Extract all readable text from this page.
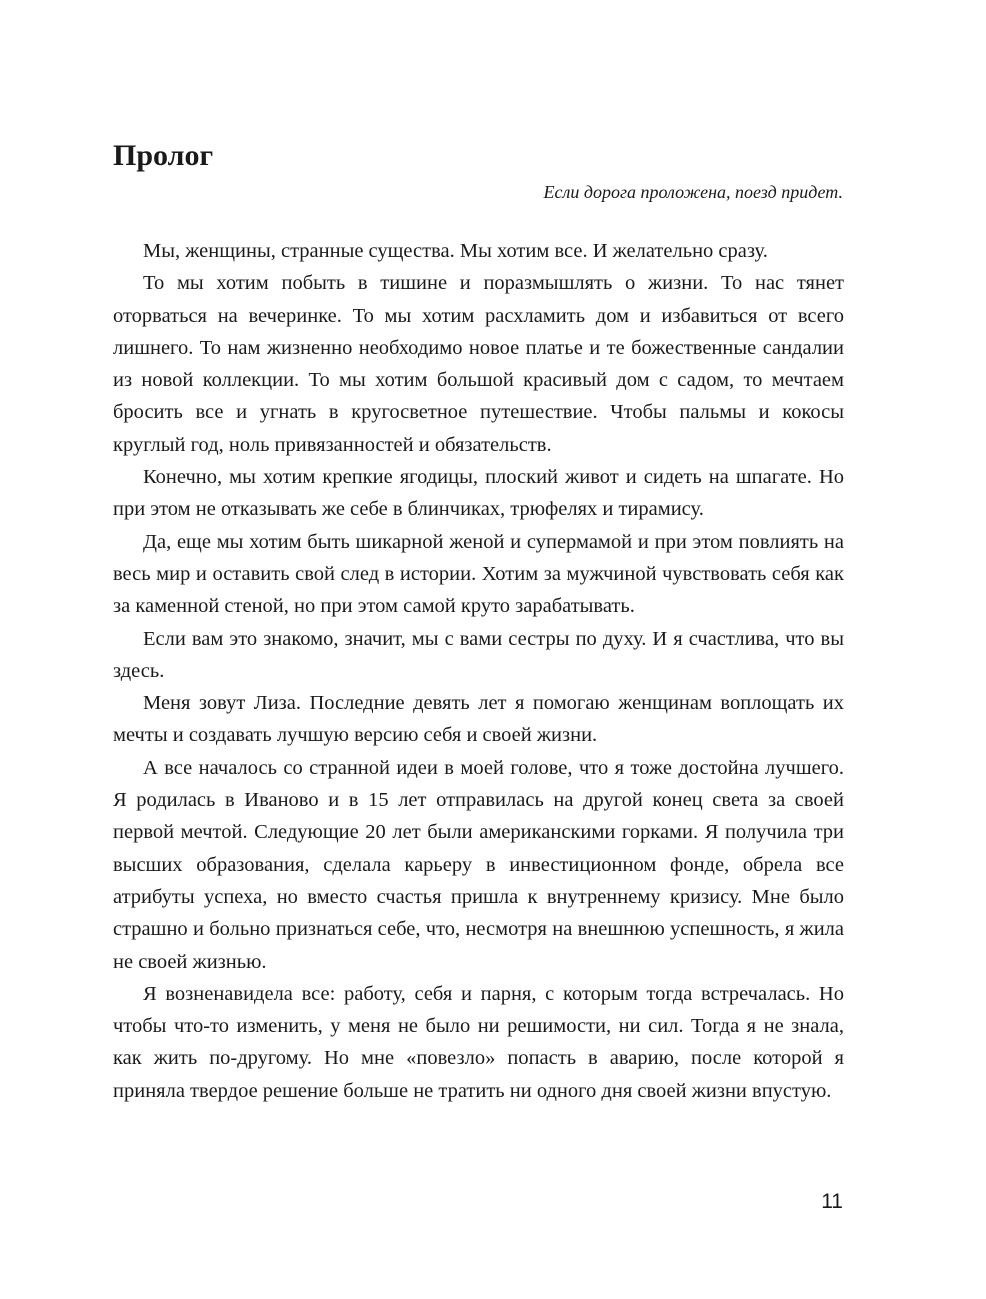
Пролог

Если дорога проложена, поезд придет.

Мы, женщины, странные существа. Мы хотим все. И желательно сразу.

То мы хотим побыть в тишине и поразмышлять о жизни. То нас тянет оторваться на вечеринке. То мы хотим расхламить дом и избавиться от всего лишнего. То нам жизненно необходимо новое платье и те божественные сандалии из новой коллекции. То мы хотим большой красивый дом с садом, то мечтаем бросить все и угнать в кругосветное путешествие. Чтобы пальмы и кокосы круглый год, ноль привязанностей и обязательств.

Конечно, мы хотим крепкие ягодицы, плоский живот и сидеть на шпагате. Но при этом не отказывать же себе в блинчиках, трюфелях и тирамису.

Да, еще мы хотим быть шикарной женой и супермамой и при этом повлиять на весь мир и оставить свой след в истории. Хотим за мужчиной чувствовать себя как за каменной стеной, но при этом самой круто зарабатывать.

Если вам это знакомо, значит, мы с вами сестры по духу. И я счастлива, что вы здесь.

Меня зовут Лиза. Последние девять лет я помогаю женщинам воплощать их мечты и создавать лучшую версию себя и своей жизни.

А все началось со странной идеи в моей голове, что я тоже достойна лучшего. Я родилась в Иваново и в 15 лет отправилась на другой конец света за своей первой мечтой. Следующие 20 лет были американскими горками. Я получила три высших образования, сделала карьеру в инвестиционном фонде, обрела все атрибуты успеха, но вместо счастья пришла к внутреннему кризису. Мне было страшно и больно признаться себе, что, несмотря на внешнюю успешность, я жила не своей жизнью.

Я возненавидела все: работу, себя и парня, с которым тогда встречалась. Но чтобы что-то изменить, у меня не было ни решимости, ни сил. Тогда я не знала, как жить по-другому. Но мне «повезло» попасть в аварию, после которой я приняла твердое решение больше не тратить ни одного дня своей жизни впустую.

11
